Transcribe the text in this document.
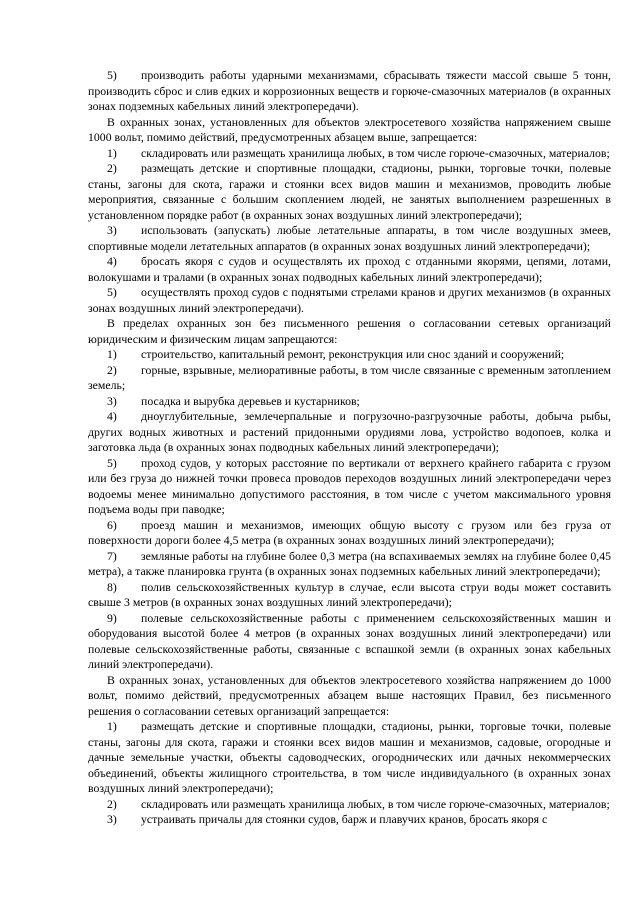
5) производить работы ударными механизмами, сбрасывать тяжести массой свыше 5 тонн, производить сброс и слив едких и коррозионных веществ и горюче-смазочных материалов (в охранных зонах подземных кабельных линий электропередачи).

В охранных зонах, установленных для объектов электросетевого хозяйства напряжением свыше 1000 вольт, помимо действий, предусмотренных абзацем выше, запрещается:

1) складировать или размещать хранилища любых, в том числе горюче-смазочных, материалов;

2) размещать детские и спортивные площадки, стадионы, рынки, торговые точки, полевые станы, загоны для скота, гаражи и стоянки всех видов машин и механизмов, проводить любые мероприятия, связанные с большим скоплением людей, не занятых выполнением разрешенных в установленном порядке работ (в охранных зонах воздушных линий электропередачи);

3) использовать (запускать) любые летательные аппараты, в том числе воздушных змеев, спортивные модели летательных аппаратов (в охранных зонах воздушных линий электропередачи);

4) бросать якоря с судов и осуществлять их проход с отданными якорями, цепями, лотами, волокушами и тралами (в охранных зонах подводных кабельных линий электропередачи);

5) осуществлять проход судов с поднятыми стрелами кранов и других механизмов (в охранных зонах воздушных линий электропередачи).

В пределах охранных зон без письменного решения о согласовании сетевых организаций юридическим и физическим лицам запрещаются:

1) строительство, капитальный ремонт, реконструкция или снос зданий и сооружений;

2) горные, взрывные, мелиоративные работы, в том числе связанные с временным затоплением земель;

3) посадка и вырубка деревьев и кустарников;

4) дноуглубительные, землечерпальные и погрузочно-разгрузочные работы, добыча рыбы, других водных животных и растений придонными орудиями лова, устройство водопоев, колка и заготовка льда (в охранных зонах подводных кабельных линий электропередачи);

5) проход судов, у которых расстояние по вертикали от верхнего крайнего габарита с грузом или без груза до нижней точки провеса проводов переходов воздушных линий электропередачи через водоемы менее минимально допустимого расстояния, в том числе с учетом максимального уровня подъема воды при паводке;

6) проезд машин и механизмов, имеющих общую высоту с грузом или без груза от поверхности дороги более 4,5 метра (в охранных зонах воздушных линий электропередачи);

7) земляные работы на глубине более 0,3 метра (на вспахиваемых землях на глубине более 0,45 метра), а также планировка грунта (в охранных зонах подземных кабельных линий электропередачи);

8) полив сельскохозяйственных культур в случае, если высота струи воды может составить свыше 3 метров (в охранных зонах воздушных линий электропередачи);

9) полевые сельскохозяйственные работы с применением сельскохозяйственных машин и оборудования высотой более 4 метров (в охранных зонах воздушных линий электропередачи) или полевые сельскохозяйственные работы, связанные с вспашкой земли (в охранных зонах кабельных линий электропередачи).

В охранных зонах, установленных для объектов электросетевого хозяйства напряжением до 1000 вольт, помимо действий, предусмотренных абзацем выше настоящих Правил, без письменного решения о согласовании сетевых организаций запрещается:

1) размещать детские и спортивные площадки, стадионы, рынки, торговые точки, полевые станы, загоны для скота, гаражи и стоянки всех видов машин и механизмов, садовые, огородные и дачные земельные участки, объекты садоводческих, огороднических или дачных некоммерческих объединений, объекты жилищного строительства, в том числе индивидуального (в охранных зонах воздушных линий электропередачи);

2) складировать или размещать хранилища любых, в том числе горюче-смазочных, материалов;

3) устраивать причалы для стоянки судов, барж и плавучих кранов, бросать якоря с
